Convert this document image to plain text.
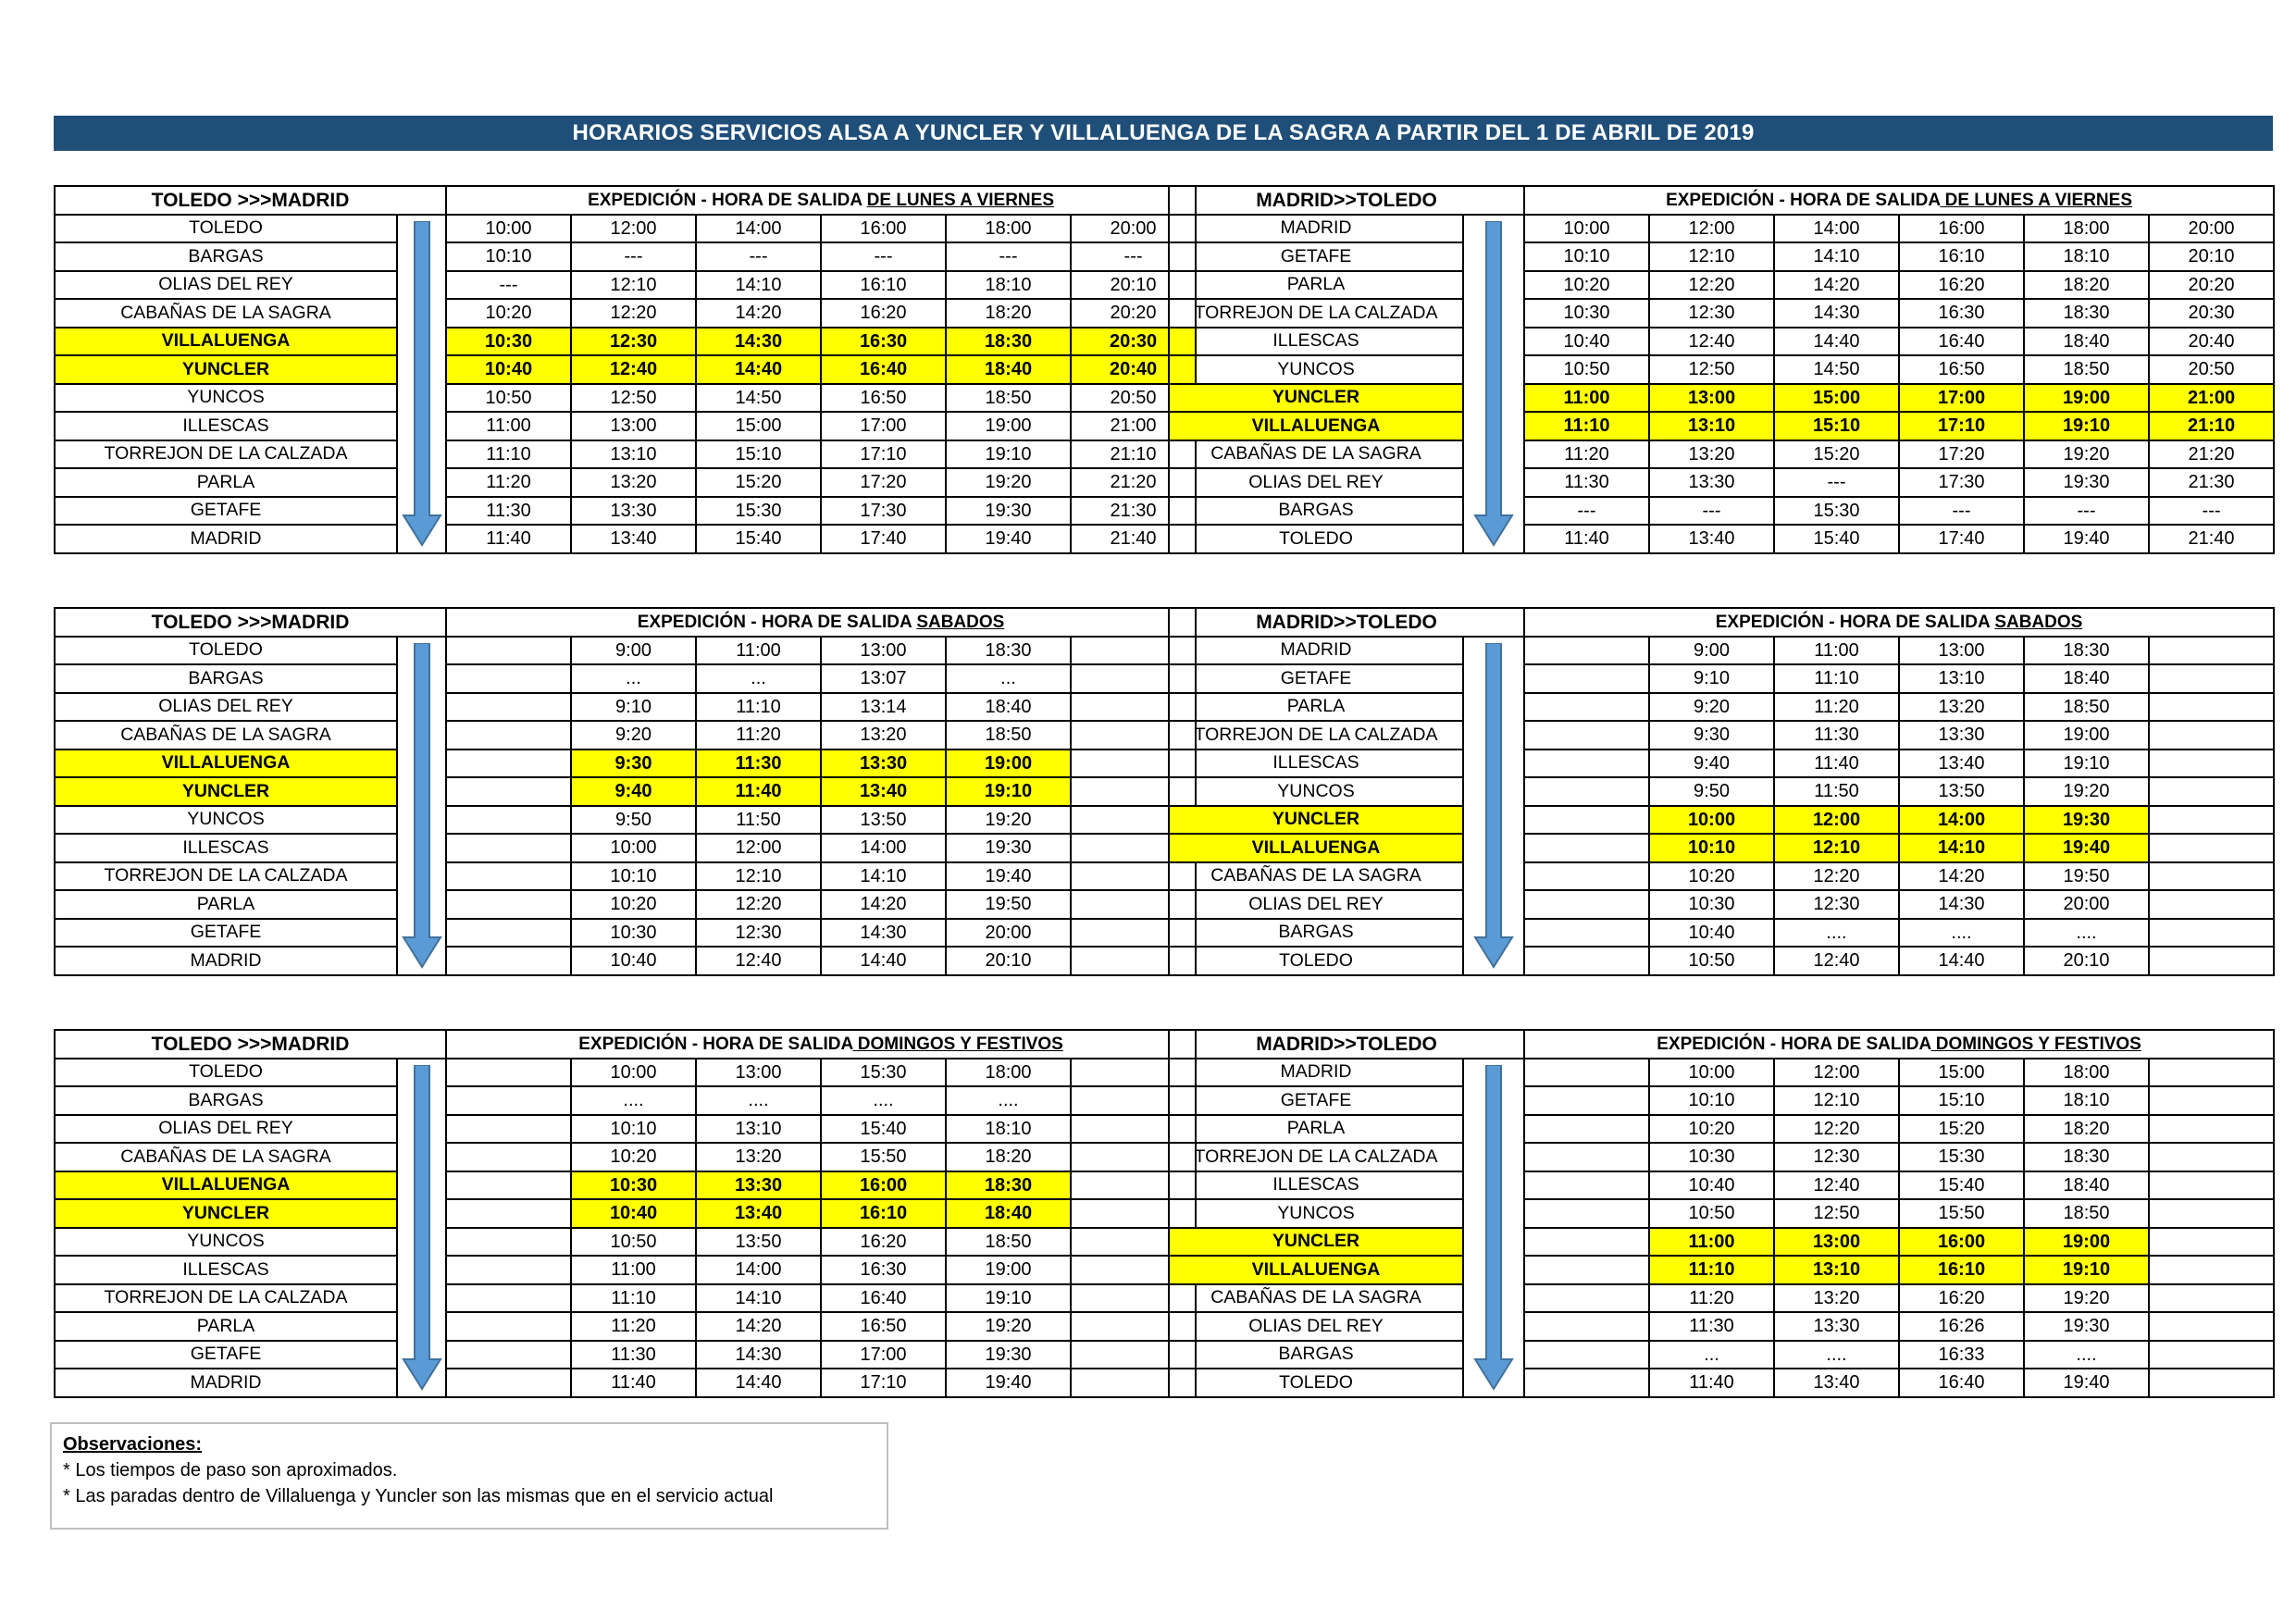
HORARIOS SERVICIOS ALSA A YUNCLER Y VILLALUENGA DE LA SAGRA A PARTIR DEL 1 DE ABRIL DE 2019
TOLEDO >>>MADRID		EXPEDICIÓN - HORA DE SALIDA DE LUNES A VIERNES					
TOLEDO		10:00	12:00	14:00	16:00	18:00	20:00
BARGAS		10:10	---	---	---	---	---
OLIAS DEL REY		---	12:10	14:10	16:10	18:10	20:10
CABAÑAS DE LA SAGRA		10:20	12:20	14:20	16:20	18:20	20:20
VILLALUENGA		10:30	12:30	14:30	16:30	18:30	20:30
YUNCLER		10:40	12:40	14:40	16:40	18:40	20:40
YUNCOS		10:50	12:50	14:50	16:50	18:50	20:50
ILLESCAS		11:00	13:00	15:00	17:00	19:00	21:00
TORREJON DE LA CALZADA		11:10	13:10	15:10	17:10	19:10	21:10
PARLA		11:20	13:20	15:20	17:20	19:20	21:20
GETAFE		11:30	13:30	15:30	17:30	19:30	21:30
MADRID		11:40	13:40	15:40	17:40	19:40	21:40
MADRID>>TOLEDO		EXPEDICIÓN - HORA DE SALIDA DE LUNES A VIERNES					
MADRID		10:00	12:00	14:00	16:00	18:00	20:00
GETAFE		10:10	12:10	14:10	16:10	18:10	20:10
PARLA		10:20	12:20	14:20	16:20	18:20	20:20
TORREJON DE LA CALZADA		10:30	12:30	14:30	16:30	18:30	20:30
ILLESCAS		10:40	12:40	14:40	16:40	18:40	20:40
YUNCOS		10:50	12:50	14:50	16:50	18:50	20:50
YUNCLER		11:00	13:00	15:00	17:00	19:00	21:00
VILLALUENGA		11:10	13:10	15:10	17:10	19:10	21:10
CABAÑAS DE LA SAGRA		11:20	13:20	15:20	17:20	19:20	21:20
OLIAS DEL REY		11:30	13:30	---	17:30	19:30	21:30
BARGAS		---	---	15:30	---	---	---
TOLEDO		11:40	13:40	15:40	17:40	19:40	21:40
TOLEDO >>>MADRID		EXPEDICIÓN - HORA DE SALIDA SABADOS					
TOLEDO			9:00	11:00	13:00	18:30	
BARGAS			...	...	13:07	...	
OLIAS DEL REY			9:10	11:10	13:14	18:40	
CABAÑAS DE LA SAGRA			9:20	11:20	13:20	18:50	
VILLALUENGA			9:30	11:30	13:30	19:00	
YUNCLER			9:40	11:40	13:40	19:10	
YUNCOS			9:50	11:50	13:50	19:20	
ILLESCAS			10:00	12:00	14:00	19:30	
TORREJON DE LA CALZADA			10:10	12:10	14:10	19:40	
PARLA			10:20	12:20	14:20	19:50	
GETAFE			10:30	12:30	14:30	20:00	
MADRID			10:40	12:40	14:40	20:10	
MADRID>>TOLEDO		EXPEDICIÓN - HORA DE SALIDA SABADOS					
MADRID			9:00	11:00	13:00	18:30	
GETAFE			9:10	11:10	13:10	18:40	
PARLA			9:20	11:20	13:20	18:50	
TORREJON DE LA CALZADA			9:30	11:30	13:30	19:00	
ILLESCAS			9:40	11:40	13:40	19:10	
YUNCOS			9:50	11:50	13:50	19:20	
YUNCLER			10:00	12:00	14:00	19:30	
VILLALUENGA			10:10	12:10	14:10	19:40	
CABAÑAS DE LA SAGRA			10:20	12:20	14:20	19:50	
OLIAS DEL REY			10:30	12:30	14:30	20:00	
BARGAS			10:40	....	....	....	
TOLEDO			10:50	12:40	14:40	20:10	
TOLEDO >>>MADRID		EXPEDICIÓN - HORA DE SALIDA DOMINGOS Y FESTIVOS					
TOLEDO			10:00	13:00	15:30	18:00	
BARGAS			....	....	....	....	
OLIAS DEL REY			10:10	13:10	15:40	18:10	
CABAÑAS DE LA SAGRA			10:20	13:20	15:50	18:20	
VILLALUENGA			10:30	13:30	16:00	18:30	
YUNCLER			10:40	13:40	16:10	18:40	
YUNCOS			10:50	13:50	16:20	18:50	
ILLESCAS			11:00	14:00	16:30	19:00	
TORREJON DE LA CALZADA			11:10	14:10	16:40	19:10	
PARLA			11:20	14:20	16:50	19:20	
GETAFE			11:30	14:30	17:00	19:30	
MADRID			11:40	14:40	17:10	19:40	
MADRID>>TOLEDO		EXPEDICIÓN - HORA DE SALIDA DOMINGOS Y FESTIVOS					
MADRID			10:00	12:00	15:00	18:00	
GETAFE			10:10	12:10	15:10	18:10	
PARLA			10:20	12:20	15:20	18:20	
TORREJON DE LA CALZADA			10:30	12:30	15:30	18:30	
ILLESCAS			10:40	12:40	15:40	18:40	
YUNCOS			10:50	12:50	15:50	18:50	
YUNCLER			11:00	13:00	16:00	19:00	
VILLALUENGA			11:10	13:10	16:10	19:10	
CABAÑAS DE LA SAGRA			11:20	13:20	16:20	19:20	
OLIAS DEL REY			11:30	13:30	16:26	19:30	
BARGAS			...	....	16:33	....	
TOLEDO			11:40	13:40	16:40	19:40	
Observaciones:
* Los tiempos de paso son aproximados.
* Las paradas dentro de Villaluenga y Yuncler son las mismas que en el servicio actual
